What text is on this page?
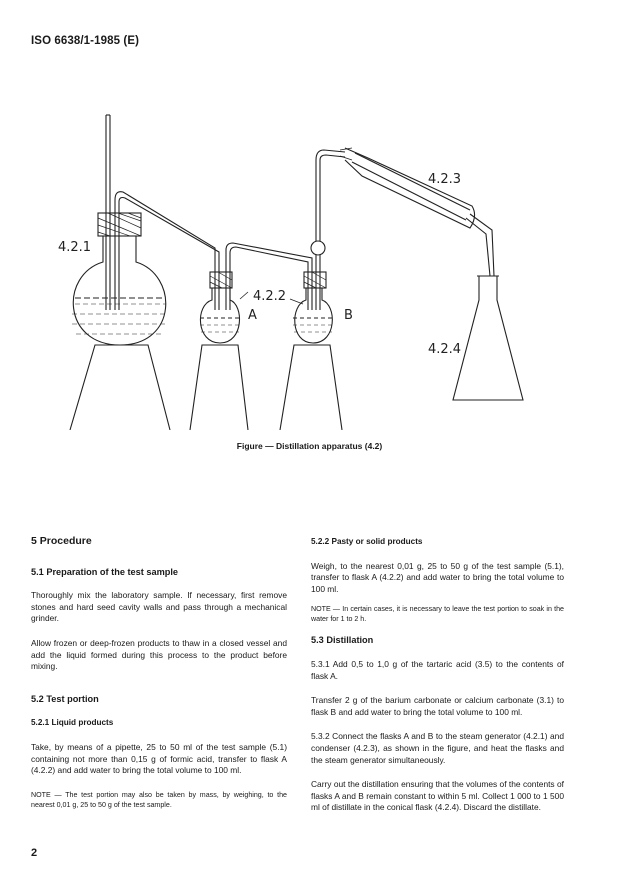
ISO 6638/1-1985 (E)
4.2.1
4.2.2
4.2.3
4.2.4
A	B
Figure — Distillation apparatus (4.2)
5 Procedure
5.1 Preparation of the test sample
Thoroughly mix the laboratory sample. If necessary, first remove stones and hard seed cavity walls and pass through a mechanical grinder.
Allow frozen or deep-frozen products to thaw in a closed vessel and add the liquid formed during this process to the product before mixing.
5.2 Test portion
5.2.1 Liquid products
Take, by means of a pipette, 25 to 50 ml of the test sample (5.1) containing not more than 0,15 g of formic acid, transfer to flask A (4.2.2) and add water to bring the total volume to 100 ml.
NOTE — The test portion may also be taken by mass, by weighing, to the nearest 0,01 g, 25 to 50 g of the test sample.
5.2.2 Pasty or solid products
Weigh, to the nearest 0,01 g, 25 to 50 g of the test sample (5.1), transfer to flask A (4.2.2) and add water to bring the total volume to 100 ml.
NOTE — In certain cases, it is necessary to leave the test portion to soak in the water for 1 to 2 h.
5.3 Distillation
5.3.1 Add 0,5 to 1,0 g of the tartaric acid (3.5) to the contents of flask A.
Transfer 2 g of the barium carbonate or calcium carbonate (3.1) to flask B and add water to bring the total volume to 100 ml.
5.3.2 Connect the flasks A and B to the steam generator (4.2.1) and condenser (4.2.3), as shown in the figure, and heat the flasks and the steam generator simultaneously.
Carry out the distillation ensuring that the volumes of the contents of flasks A and B remain constant to within 5 ml. Collect 1 000 to 1 500 ml of distillate in the conical flask (4.2.4). Discard the distillate.
2
